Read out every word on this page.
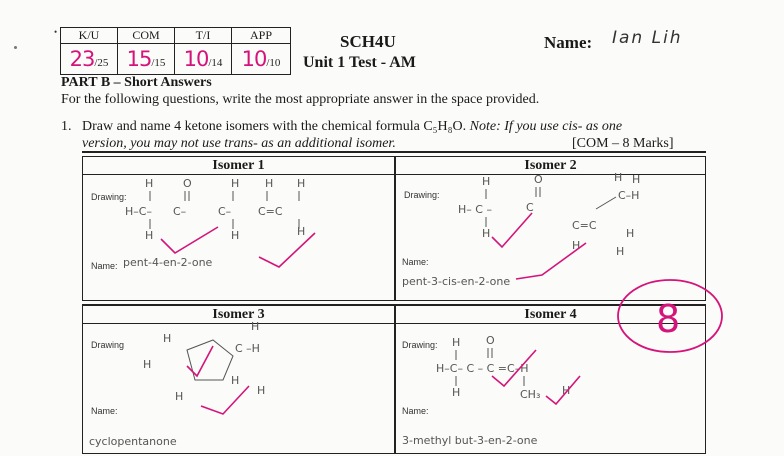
• K/U	COM	T/I	APP
23/25	15/15	10/14	10/10
SCH4U
Unit 1 Test - AM
Name: Ian Lih
PART B – Short Answers
For the following questions, write the most appropriate answer in the space provided.
1. Draw and name 4 ketone isomers with the chemical formula C₅H₈O. Note: If you use cis- as one
version, you may not use trans- as an additional isomer.	[COM – 8 Marks]
Isomer 1
Drawing:
H	O	H H H
H–C– C–	C– C=C
H	H	H
Name: pent-4-en-2-one
Isomer 2
Drawing:
H	O	H H
H– C –	C
C–H
H
C=C
H
H	H
Name:
pent-3-cis-en-2-one
Isomer 3
Drawing	H
H
C –H
H
H
H	H
Name:
cyclopentanone
Isomer 4
Drawing: H O
H–C– C – C =C–H
H	CH₃ H
Name:
3-methyl but-3-en-2-one
8
